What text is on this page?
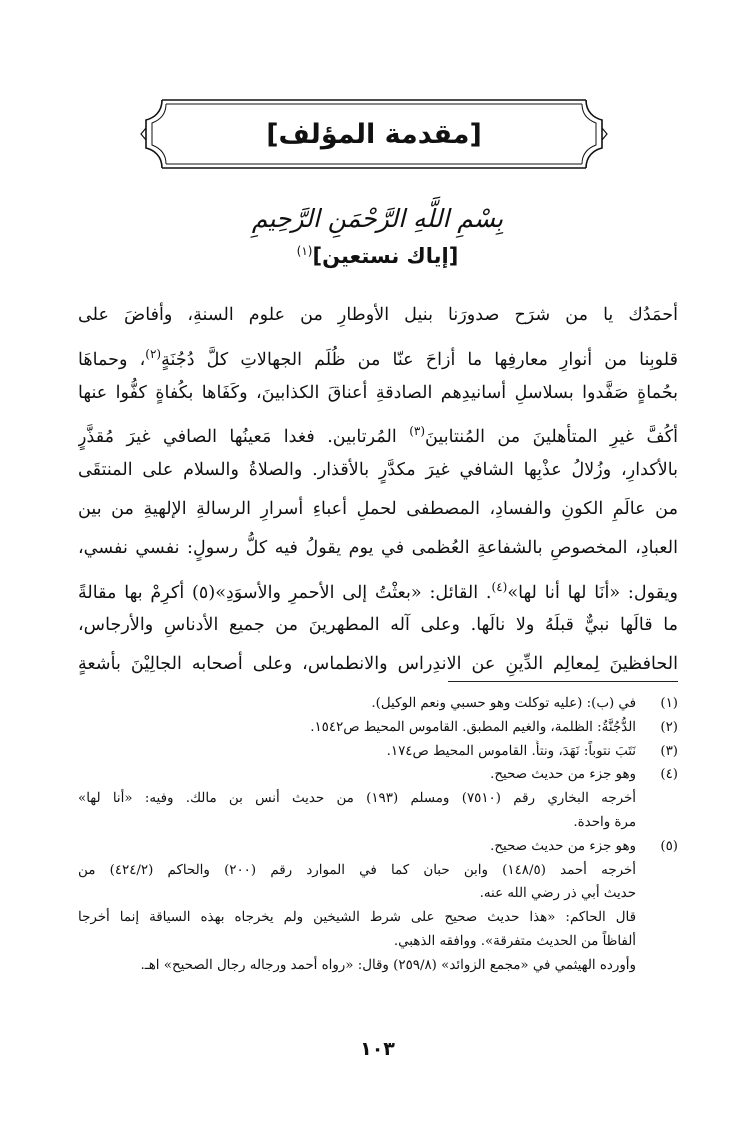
[مقدمة المؤلف]
بِسْمِ اللَّهِ الرَّحْمَنِ الرَّحِيمِ
[إياك نستعين]$^{(١)}$
أحمَدُك يا من شرَح صدورَنا بنيل الأوطارِ من علوم السنةِ، وأفاضَ على
قلوبِنا من أنوارِ معارفِها ما أزاحَ عنّا من ظُلَم الجهالاتِ كلَّ دُجُنَةٍ$^{(٢)}$، وحماهَا
بحُماةٍ صَفَّدوا بسلاسلِ أسانيدِهم الصادقةِ أعناقَ الكذابينَ، وكَفَاها بكُفاةٍ كفُّوا عنها
أكُفَّ غيرِ المتأهلينَ من المُنتابينَ$^{(٣)}$ المُرتابين. فغدا مَعينُها الصافي غيرَ مُقذَّرٍ
بالأكدارِ، وزُلالُ عذْبِها الشافي غيرَ مكدَّرٍ بالأقذار. والصلاةُ والسلام على المنتقَى
من عالَمِ الكونِ والفسادِ، المصطفى لحملِ أعباءِ أسرارِ الرسالةِ الإلهيةِ من بين
العبادِ، المخصوصِ بالشفاعةِ العُظمى في يوم يقولُ فيه كلُّ رسولٍ: نفسي نفسي،
ويقول: «أنَا لها أنا لها»$^{(٤)}$. القائل: «بعثْتُ إلى الأحمرِ والأسوَدِ»(٥) أكرِمْ بها مقالةً
ما قالَها نبيٌّ قبلَهُ ولا نالَها. وعلى آله المطهرينَ من جميع الأدناسِ والأرجاس،
الحافظينَ لِمعالِم الدِّينِ عن الاندِراس والانطماس، وعلى أصحابه الجالِيْنَ بأشعةٍ
(١)
في (ب): (عليه توكلت وهو حسبي ونعم الوكيل).
(٢)
الدُّجُنَّةُ: الظلمة، والغيم المطبق. القاموس المحيط ص١٥٤٢.
(٣)
نَتَبَ نتوباً: نَهَدَ، ونتأَ. القاموس المحيط ص١٧٤.
(٤)
وهو جزء من حديث صحيح.
أخرجه البخاري رقم (٧٥١٠) ومسلم (١٩٣) من حديث أنس بن مالك. وفيه: «أنا لها»
مرة واحدة.
(٥)
وهو جزء من حديث صحيح.
أخرجه أحمد (١٤٨/٥) وابن حبان كما في الموارد رقم (٢٠٠) والحاكم (٤٢٤/٢) من
حديث أبي ذر رضي الله عنه.
قال الحاكم: «هذا حديث صحيح على شرط الشيخين ولم يخرجاه بهذه السياقة إنما أخرجا
ألفاظاً من الحديث متفرقة». ووافقه الذهبي.
وأورده الهيثمي في «مجمع الزوائد» (٢٥٩/٨) وقال: «رواه أحمد ورجاله رجال الصحيح» اهـ.
١٠٣
